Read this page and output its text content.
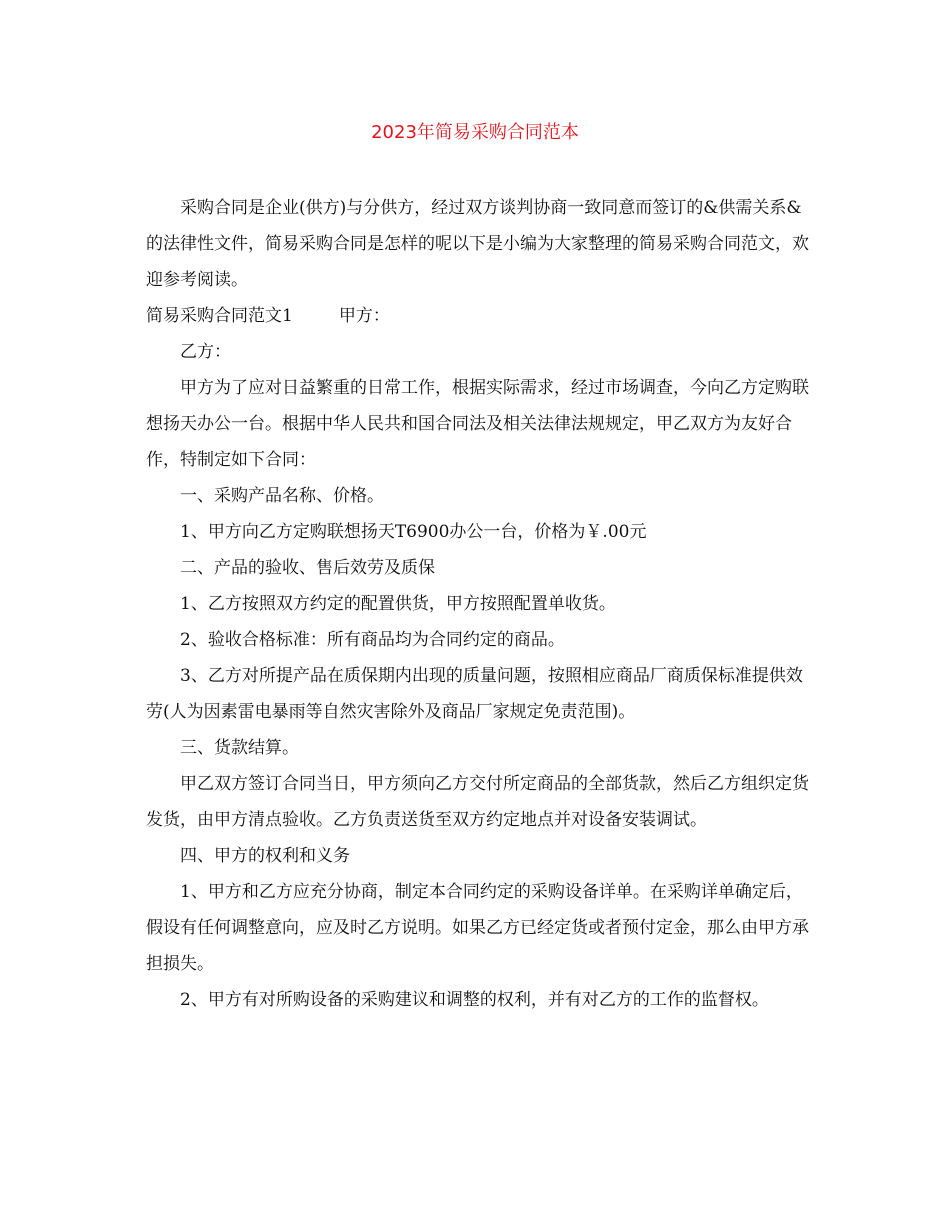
2023年简易采购合同范本

采购合同是企业(供方)与分供方，经过双方谈判协商一致同意而签订的&供需关系&的法律性文件，简易采购合同是怎样的呢以下是小编为大家整理的简易采购合同范文，欢迎参考阅读。

简易采购合同范文1	甲方：

乙方：

甲方为了应对日益繁重的日常工作，根据实际需求，经过市场调查，今向乙方定购联想扬天办公一台。根据中华人民共和国合同法及相关法律法规规定，甲乙双方为友好合作，特制定如下合同：

一、采购产品名称、价格。

1、甲方向乙方定购联想扬天T6900办公一台，价格为￥.00元

二、产品的验收、售后效劳及质保

1、乙方按照双方约定的配置供货，甲方按照配置单收货。

2、验收合格标准：所有商品均为合同约定的商品。

3、乙方对所提产品在质保期内出现的质量问题，按照相应商品厂商质保标准提供效劳(人为因素雷电暴雨等自然灾害除外及商品厂家规定免责范围)。

三、货款结算。

甲乙双方签订合同当日，甲方须向乙方交付所定商品的全部货款，然后乙方组织定货发货，由甲方清点验收。乙方负责送货至双方约定地点并对设备安装调试。

四、甲方的权利和义务

1、甲方和乙方应充分协商，制定本合同约定的采购设备详单。在采购详单确定后，假设有任何调整意向，应及时乙方说明。如果乙方已经定货或者预付定金，那么由甲方承担损失。

2、甲方有对所购设备的采购建议和调整的权利，并有对乙方的工作的监督权。
